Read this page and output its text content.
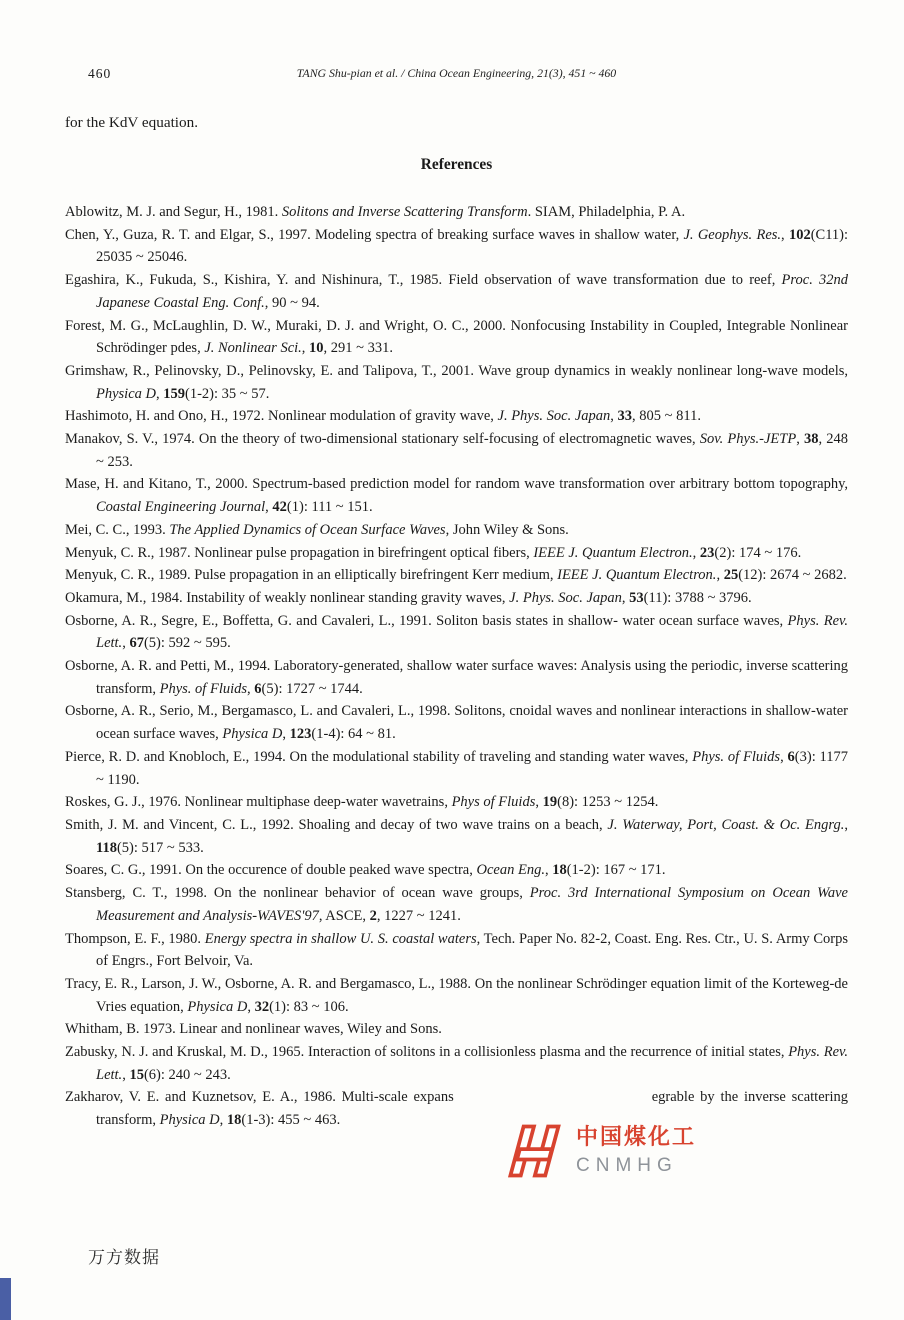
460	TANG Shu-pian et al. / China Ocean Engineering, 21(3), 451 ~ 460

for the KdV equation.

References

Ablowitz, M. J. and Segur, H., 1981. Solitons and Inverse Scattering Transform. SIAM, Philadelphia, P. A.

Chen, Y., Guza, R. T. and Elgar, S., 1997. Modeling spectra of breaking surface waves in shallow water, J. Geophys. Res., 102(C11): 25035 ~ 25046.

Egashira, K., Fukuda, S., Kishira, Y. and Nishinura, T., 1985. Field observation of wave transformation due to reef, Proc. 32nd Japanese Coastal Eng. Conf., 90 ~ 94.

Forest, M. G., McLaughlin, D. W., Muraki, D. J. and Wright, O. C., 2000. Nonfocusing Instability in Coupled, Integrable Nonlinear Schrödinger pdes, J. Nonlinear Sci., 10, 291 ~ 331.

Grimshaw, R., Pelinovsky, D., Pelinovsky, E. and Talipova, T., 2001. Wave group dynamics in weakly nonlinear long-wave models, Physica D, 159(1-2): 35 ~ 57.

Hashimoto, H. and Ono, H., 1972. Nonlinear modulation of gravity wave, J. Phys. Soc. Japan, 33, 805 ~ 811.

Manakov, S. V., 1974. On the theory of two-dimensional stationary self-focusing of electromagnetic waves, Sov. Phys.-JETP, 38, 248 ~ 253.

Mase, H. and Kitano, T., 2000. Spectrum-based prediction model for random wave transformation over arbitrary bottom topography, Coastal Engineering Journal, 42(1): 111 ~ 151.

Mei, C. C., 1993. The Applied Dynamics of Ocean Surface Waves, John Wiley & Sons.

Menyuk, C. R., 1987. Nonlinear pulse propagation in birefringent optical fibers, IEEE J. Quantum Electron., 23(2): 174 ~ 176.

Menyuk, C. R., 1989. Pulse propagation in an elliptically birefringent Kerr medium, IEEE J. Quantum Electron., 25(12): 2674 ~ 2682.

Okamura, M., 1984. Instability of weakly nonlinear standing gravity waves, J. Phys. Soc. Japan, 53(11): 3788 ~ 3796.

Osborne, A. R., Segre, E., Boffetta, G. and Cavaleri, L., 1991. Soliton basis states in shallow- water ocean surface waves, Phys. Rev. Lett., 67(5): 592 ~ 595.

Osborne, A. R. and Petti, M., 1994. Laboratory-generated, shallow water surface waves: Analysis using the periodic, inverse scattering transform, Phys. of Fluids, 6(5): 1727 ~ 1744.

Osborne, A. R., Serio, M., Bergamasco, L. and Cavaleri, L., 1998. Solitons, cnoidal waves and nonlinear interactions in shallow-water ocean surface waves, Physica D, 123(1-4): 64 ~ 81.

Pierce, R. D. and Knobloch, E., 1994. On the modulational stability of traveling and standing water waves, Phys. of Fluids, 6(3): 1177 ~ 1190.

Roskes, G. J., 1976. Nonlinear multiphase deep-water wavetrains, Phys of Fluids, 19(8): 1253 ~ 1254.

Smith, J. M. and Vincent, C. L., 1992. Shoaling and decay of two wave trains on a beach, J. Waterway, Port, Coast. & Oc. Engrg., 118(5): 517 ~ 533.

Soares, C. G., 1991. On the occurence of double peaked wave spectra, Ocean Eng., 18(1-2): 167 ~ 171.

Stansberg, C. T., 1998. On the nonlinear behavior of ocean wave groups, Proc. 3rd International Symposium on Ocean Wave Measurement and Analysis-WAVES'97, ASCE, 2, 1227 ~ 1241.

Thompson, E. F., 1980. Energy spectra in shallow U. S. coastal waters, Tech. Paper No. 82-2, Coast. Eng. Res. Ctr., U. S. Army Corps of Engrs., Fort Belvoir, Va.

Tracy, E. R., Larson, J. W., Osborne, A. R. and Bergamasco, L., 1988. On the nonlinear Schrödinger equation limit of the Korteweg-de Vries equation, Physica D, 32(1): 83 ~ 106.

Whitham, B. 1973. Linear and nonlinear waves, Wiley and Sons.

Zabusky, N. J. and Kruskal, M. D., 1965. Interaction of solitons in a collisionless plasma and the recurrence of initial states, Phys. Rev. Lett., 15(6): 240 ~ 243.

Zakharov, V. E. and Kuznetsov, E. A., 1986. Multi-scale expans	egrable by the inverse scattering transform, Physica D, 18(1-3): 455 ~ 463.

中国煤化工
CNMHG
万方数据
